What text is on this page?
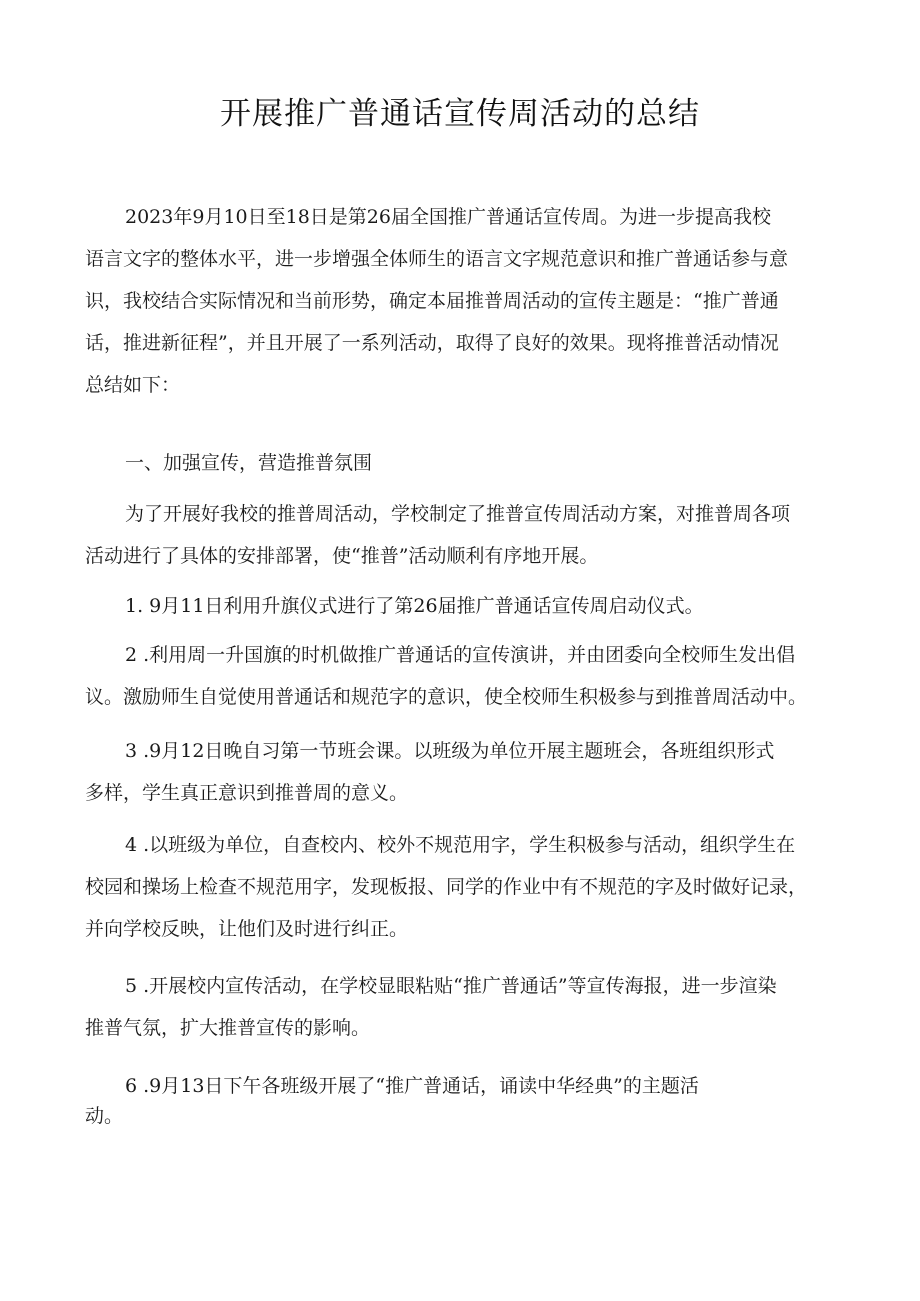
开展推广普通话宣传周活动的总结
2023年9月10日至18日是第26届全国推广普通话宣传周。为进一步提高我校
语言文字的整体水平，进一步增强全体师生的语言文字规范意识和推广普通话参与意
识，我校结合实际情况和当前形势，确定本届推普周活动的宣传主题是：“推广普通
话，推进新征程”，并且开展了一系列活动，取得了良好的效果。现将推普活动情况
总结如下：
一、加强宣传，营造推普氛围
为了开展好我校的推普周活动，学校制定了推普宣传周活动方案，对推普周各项
活动进行了具体的安排部署，使“推普”活动顺利有序地开展。
1. 9月11日利用升旗仪式进行了第26届推广普通话宣传周启动仪式。
2 .利用周一升国旗的时机做推广普通话的宣传演讲，并由团委向全校师生发出倡
议。激励师生自觉使用普通话和规范字的意识，使全校师生积极参与到推普周活动中。
3 .9月12日晚自习第一节班会课。以班级为单位开展主题班会，各班组织形式
多样，学生真正意识到推普周的意义。
4 .以班级为单位，自查校内、校外不规范用字，学生积极参与活动，组织学生在
校园和操场上检查不规范用字，发现板报、同学的作业中有不规范的字及时做好记录，
并向学校反映，让他们及时进行纠正。
5 .开展校内宣传活动，在学校显眼粘贴“推广普通话”等宣传海报，进一步渲染
推普气氛，扩大推普宣传的影响。
6 .9月13日下午各班级开展了“推广普通话，诵读中华经典”的主题活
动。
